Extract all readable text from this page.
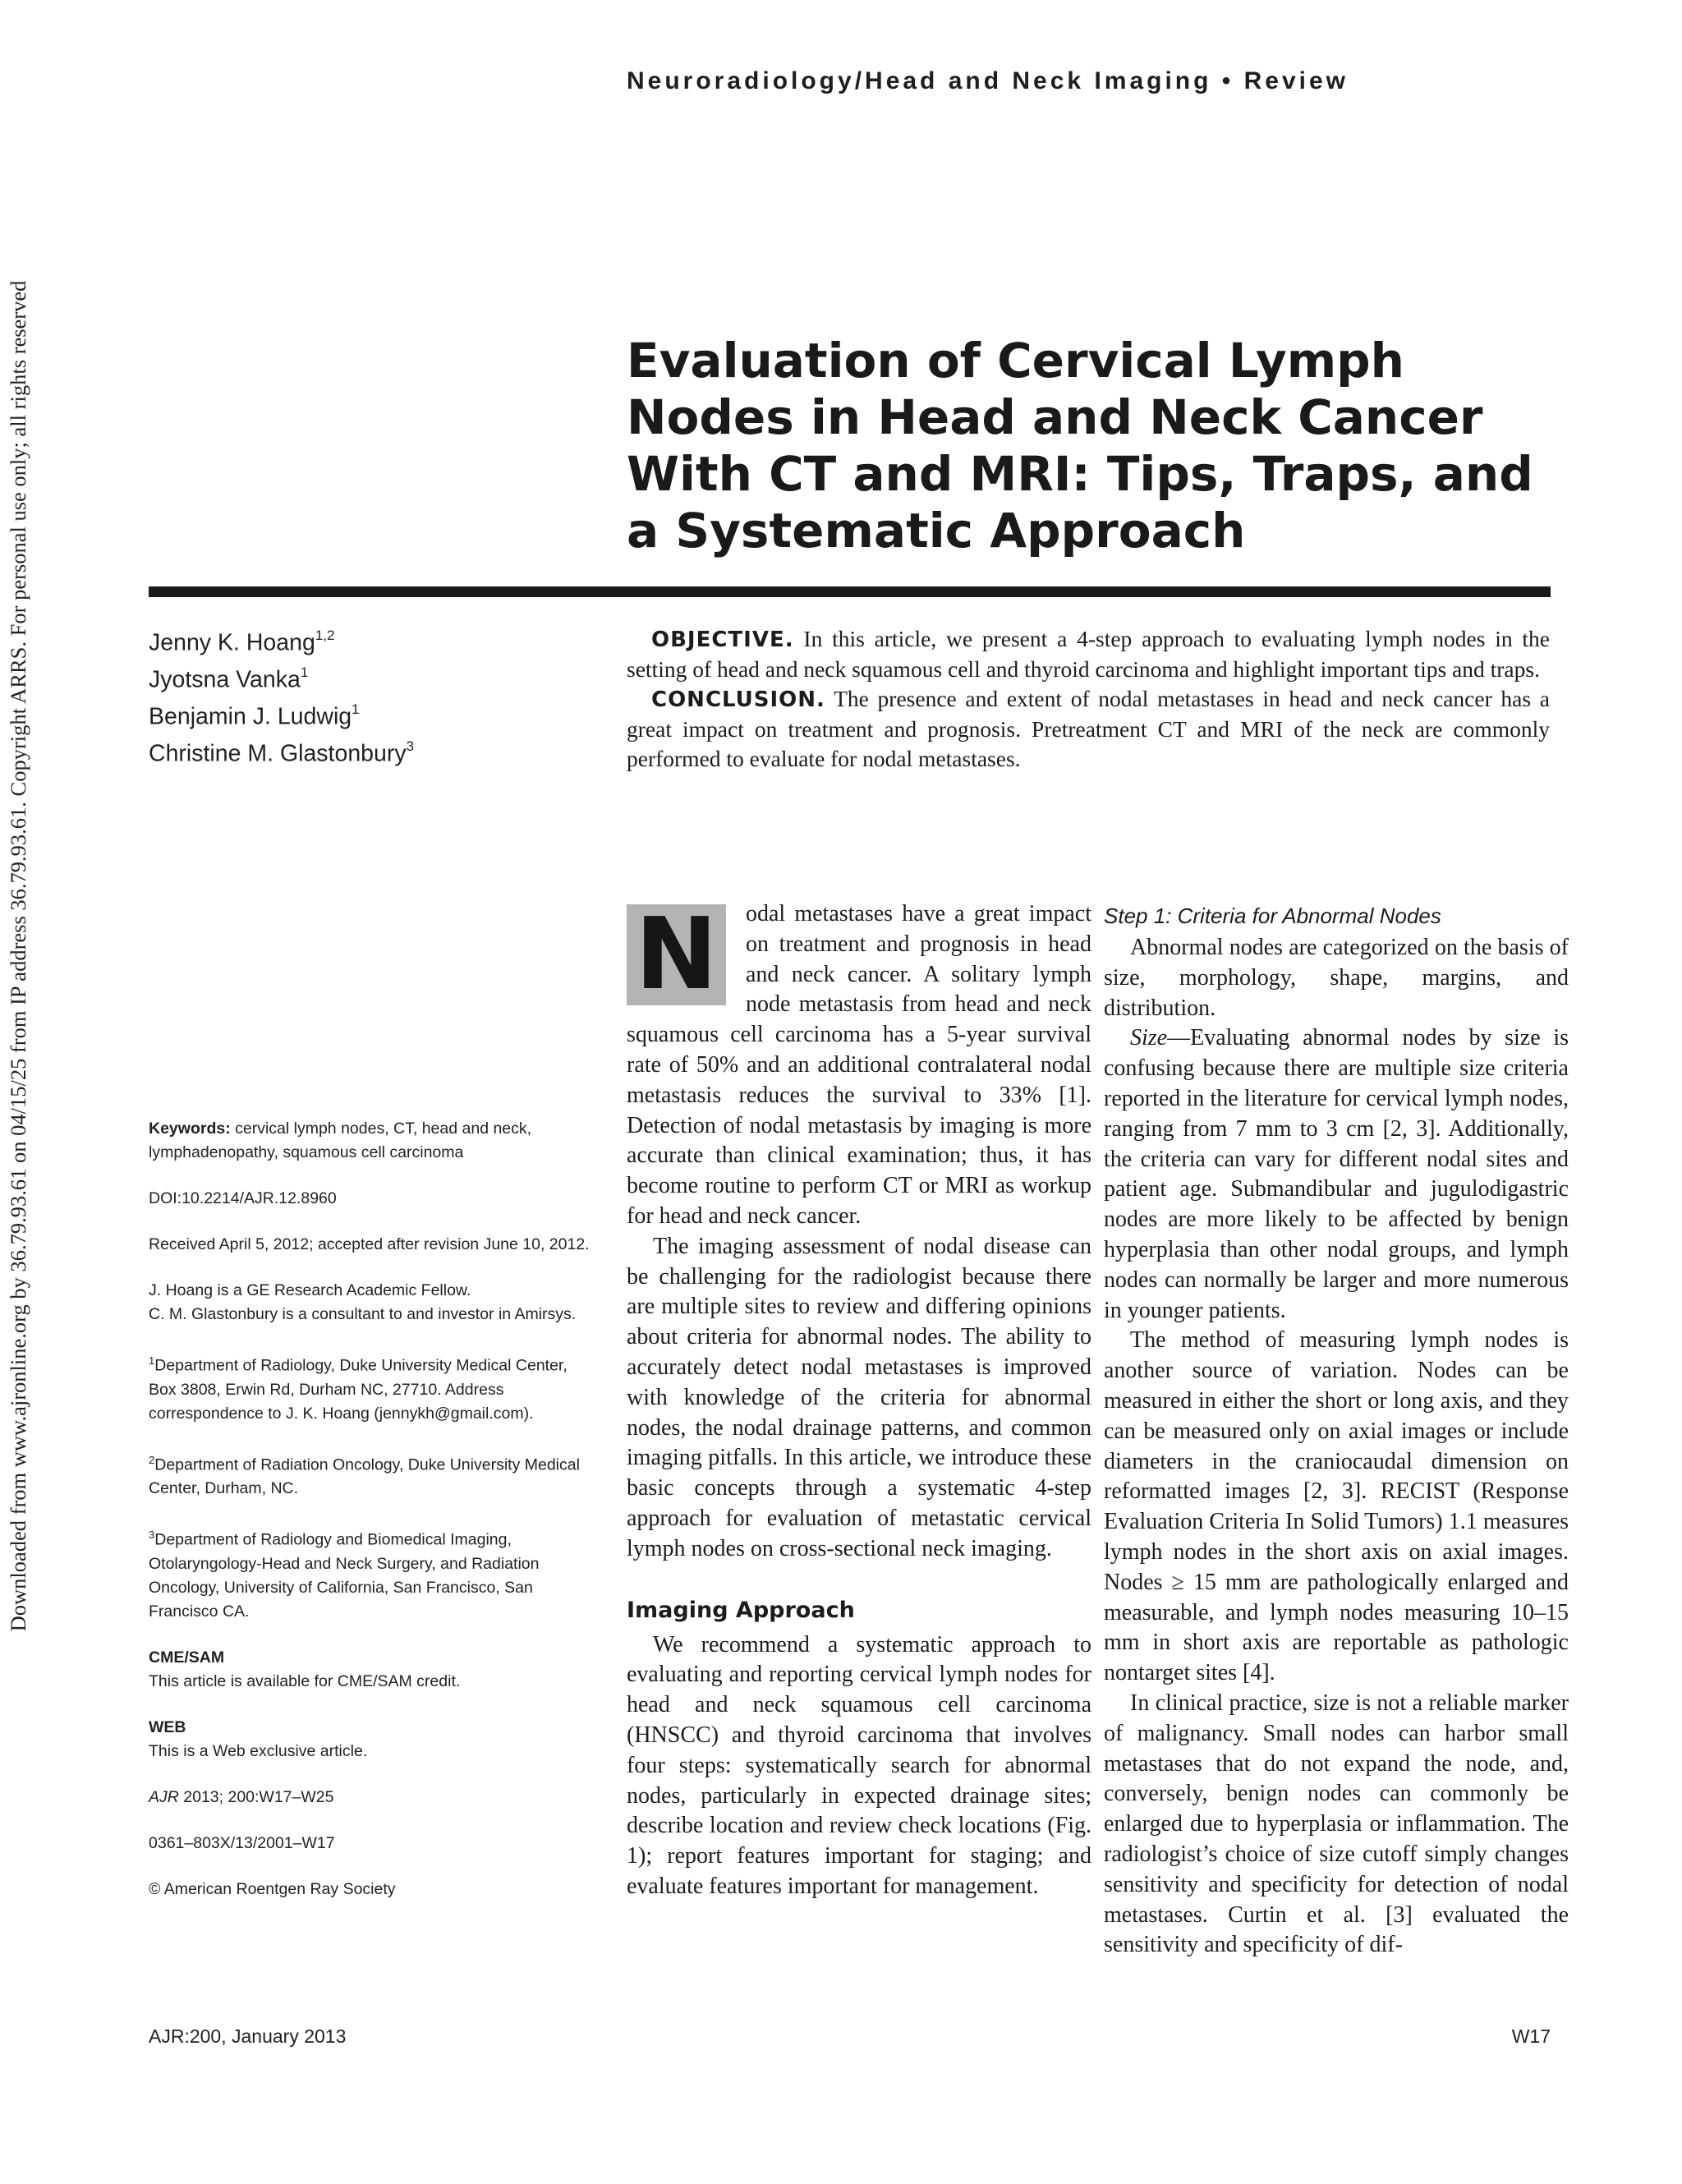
Neuroradiology/Head and Neck Imaging • Review
Downloaded from www.ajronline.org by 36.79.93.61 on 04/15/25 from IP address 36.79.93.61. Copyright ARRS. For personal use only; all rights reserved	Evaluation of Cervical Lymph
Nodes in Head and Neck Cancer
With CT and MRI: Tips, Traps, and
a Systematic Approach
Jenny K. Hoang$^{1,2}$
Jyotsna Vanka$^1$
Benjamin J. Ludwig$^1$
Christine M. Glastonbury$^3$

OBJECTIVE. In this article, we present a 4-step approach to evaluating lymph nodes in the setting of head and neck squamous cell and thyroid carcinoma and highlight important tips and traps.

CONCLUSION. The presence and extent of nodal metastases in head and neck cancer has a great impact on treatment and prognosis. Pretreatment CT and MRI of the neck are commonly performed to evaluate for nodal metastases.

Keywords: cervical lymph nodes, CT, head and neck, lymphadenopathy, squamous cell carcinoma

DOI:10.2214/AJR.12.8960

Received April 5, 2012; accepted after revision June 10, 2012.

J. Hoang is a GE Research Academic Fellow.

C. M. Glastonbury is a consultant to and investor in Amirsys.

$^1$Department of Radiology, Duke University Medical Center, Box 3808, Erwin Rd, Durham NC, 27710. Address correspondence to J. K. Hoang (jennykh@gmail.com).

$^2$Department of Radiation Oncology, Duke University Medical Center, Durham, NC.

$^3$Department of Radiology and Biomedical Imaging, Otolaryngology-Head and Neck Surgery, and Radiation Oncology, University of California, San Francisco, San Francisco CA.

CME/SAM

This article is available for CME/SAM credit.

WEB

This is a Web exclusive article.

AJR 2013; 200:W17–W25

0361–803X/13/2001–W17

© American Roentgen Ray Society

N	odal metastases have a great impact on treatment and prognosis in head and neck cancer. A solitary lymph node metastasis from head and neck squamous cell carcinoma has a 5-year survival rate of 50% and an additional contralateral nodal metastasis reduces the survival to 33% [1]. Detection of nodal metastasis by imaging is more accurate than clinical examination; thus, it has become routine to perform CT or MRI as workup for head and neck cancer.

The imaging assessment of nodal disease can be challenging for the radiologist because there are multiple sites to review and differing opinions about criteria for abnormal nodes. The ability to accurately detect nodal metastases is improved with knowledge of the criteria for abnormal nodes, the nodal drainage patterns, and common imaging pitfalls. In this article, we introduce these basic concepts through a systematic 4-step approach for evaluation of metastatic cervical lymph nodes on cross-sectional neck imaging.

Imaging Approach

We recommend a systematic approach to evaluating and reporting cervical lymph nodes for head and neck squamous cell carcinoma (HNSCC) and thyroid carcinoma that involves four steps: systematically search for abnormal nodes, particularly in expected drainage sites; describe location and review check locations (Fig. 1); report features important for staging; and evaluate features important for management.

Step 1: Criteria for Abnormal Nodes

Abnormal nodes are categorized on the basis of size, morphology, shape, margins, and distribution.

Size—Evaluating abnormal nodes by size is confusing because there are multiple size criteria reported in the literature for cervical lymph nodes, ranging from 7 mm to 3 cm [2, 3]. Additionally, the criteria can vary for different nodal sites and patient age. Submandibular and jugulodigastric nodes are more likely to be affected by benign hyperplasia than other nodal groups, and lymph nodes can normally be larger and more numerous in younger patients.

The method of measuring lymph nodes is another source of variation. Nodes can be measured in either the short or long axis, and they can be measured only on axial images or include diameters in the craniocaudal dimension on reformatted images [2, 3]. RECIST (Response Evaluation Criteria In Solid Tumors) 1.1 measures lymph nodes in the short axis on axial images. Nodes ≥ 15 mm are pathologically enlarged and measurable, and lymph nodes measuring 10–15 mm in short axis are reportable as pathologic nontarget sites [4].

In clinical practice, size is not a reliable marker of malignancy. Small nodes can harbor small metastases that do not expand the node, and, conversely, benign nodes can commonly be enlarged due to hyperplasia or inflammation. The radiologist’s choice of size cutoff simply changes sensitivity and specificity for detection of nodal metastases. Curtin et al. [3] evaluated the sensitivity and specificity of dif-

AJR:200, January 2013	W17
